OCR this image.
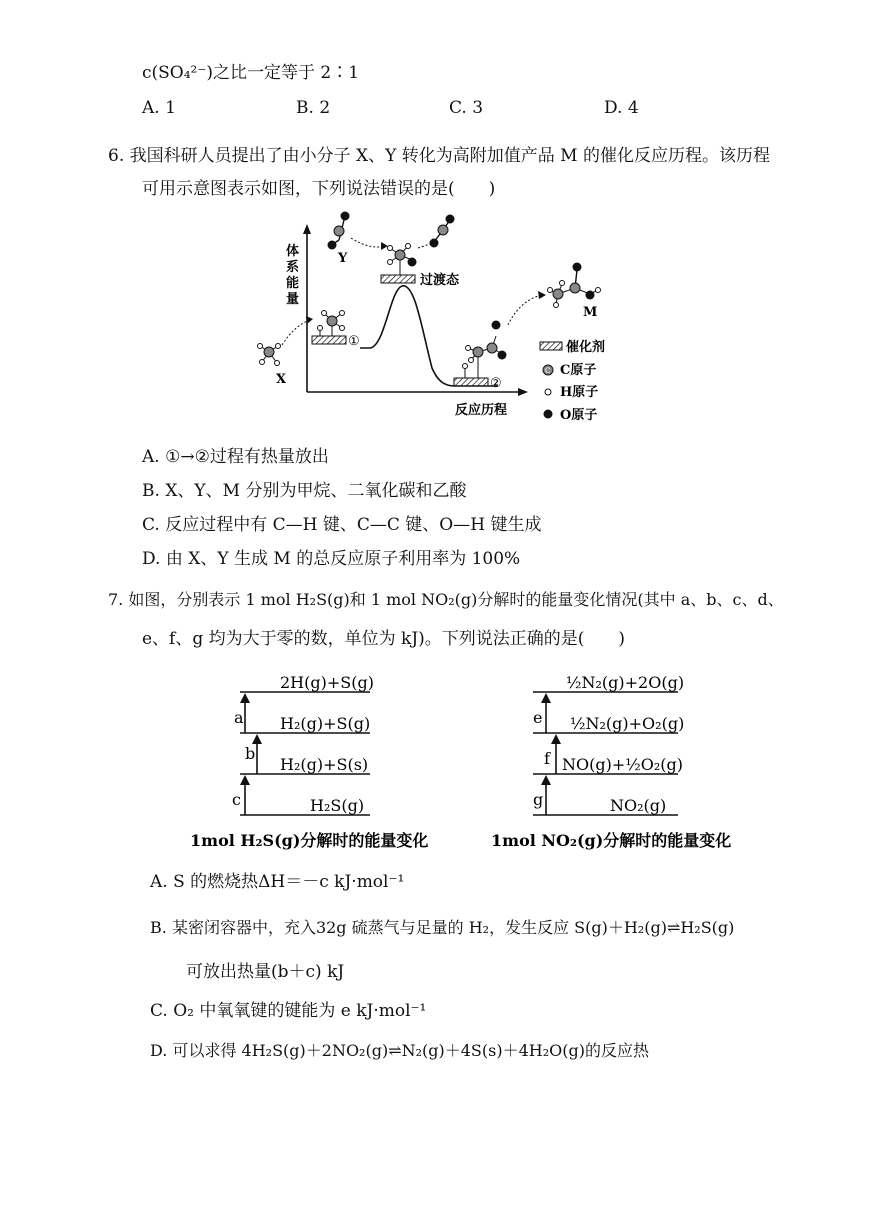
c(SO₄²⁻)之比一定等于 2∶1
A. 1	B. 2	C. 3	D. 4
6. 我国科研人员提出了由小分子 X、Y 转化为高附加值产品 M 的催化反应历程。该历程
可用示意图表示如图，下列说法错误的是(　　)
体
系
能
量
反应历程
①
过渡态
②
X
Y
M
催化剂
C C原子
H原子
O原子
A. ①→②过程有热量放出
B. X、Y、M 分别为甲烷、二氧化碳和乙酸
C. 反应过程中有 C—H 键、C—C 键、O—H 键生成
D. 由 X、Y 生成 M 的总反应原子利用率为 100%
7. 如图，分别表示 1 mol H₂S(g)和 1 mol NO₂(g)分解时的能量变化情况(其中 a、b、c、d、
e、f、g 均为大于零的数，单位为 kJ)。下列说法正确的是(　　)
2H(g)+S(g)
H₂(g)+S(g)
H₂(g)+S(s)
H₂S(g)
a
b
c
1mol H₂S(g)分解时的能量变化
½N₂(g)+2O(g)
½N₂(g)+O₂(g)
NO(g)+½O₂(g)
NO₂(g)
e
f
g
1mol NO₂(g)分解时的能量变化
A. S 的燃烧热ΔH＝－c kJ·mol⁻¹
B. 某密闭容器中，充入32g 硫蒸气与足量的 H₂，发生反应 S(g)＋H₂(g)⇌H₂S(g)
可放出热量(b＋c) kJ
C. O₂ 中氧氧键的键能为 e kJ·mol⁻¹
D. 可以求得 4H₂S(g)＋2NO₂(g)⇌N₂(g)＋4S(s)＋4H₂O(g)的反应热
